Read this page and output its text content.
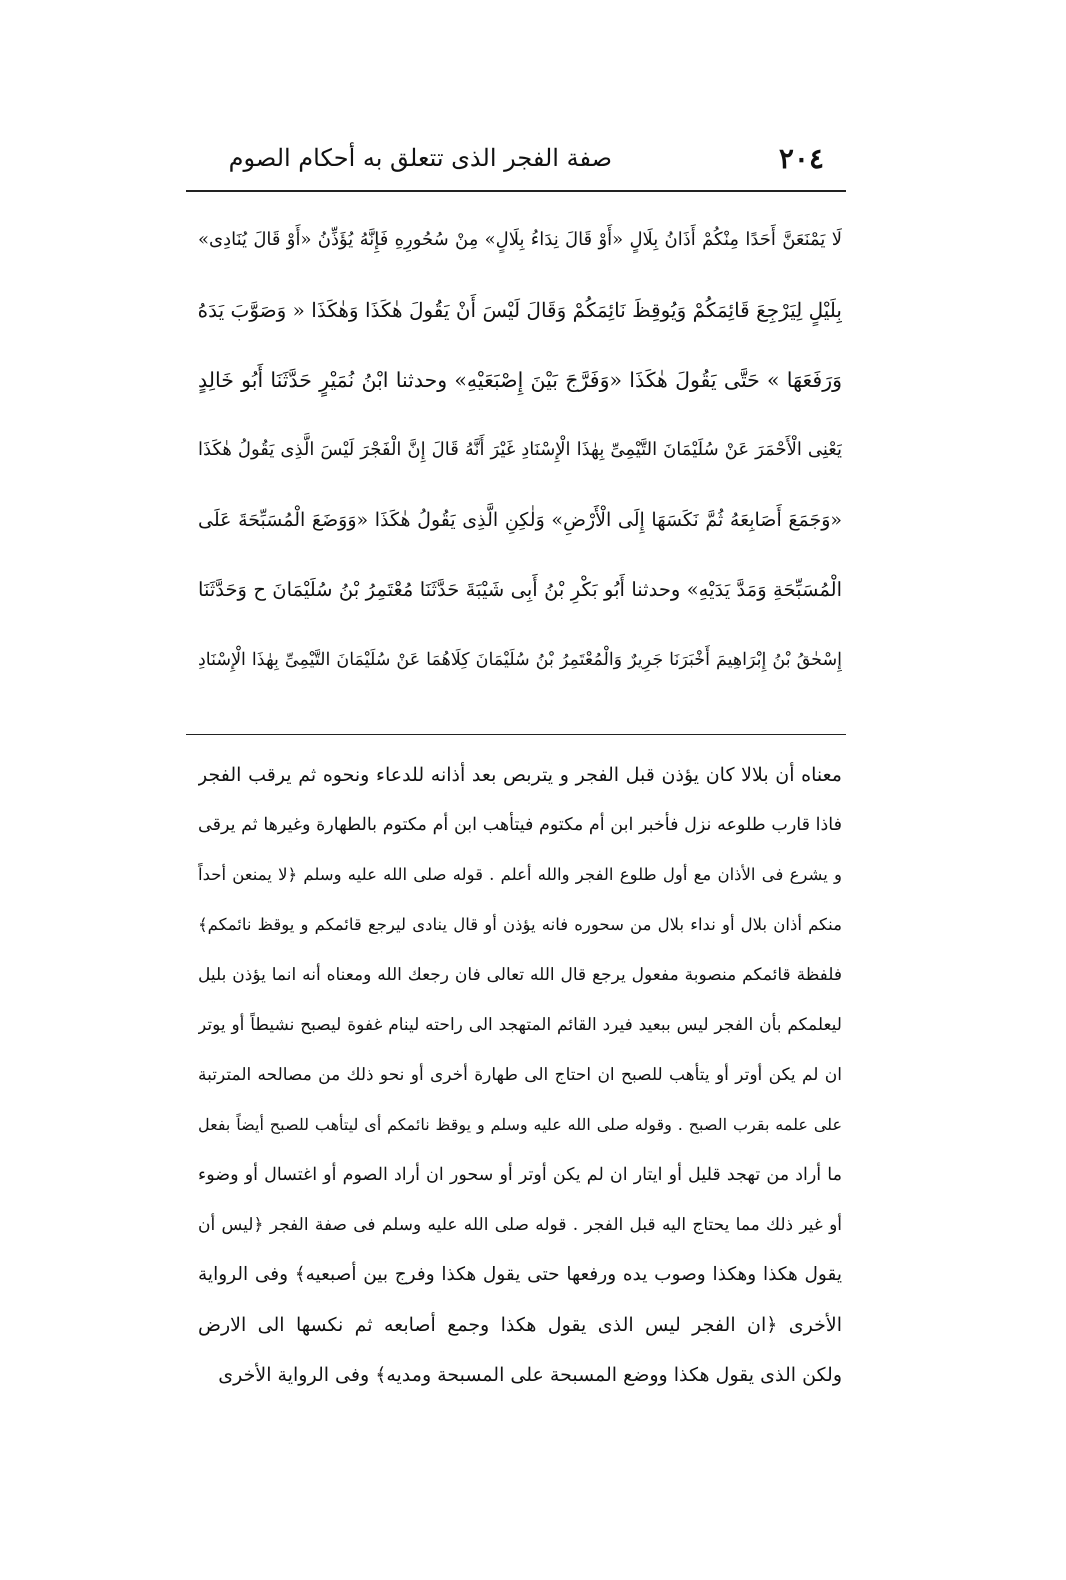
٢٠٤
صفة الفجر الذى تتعلق به أحكام الصوم
لَا يَمْنَعَنَّ أَحَدًا مِنْكُمْ أَذَانُ بِلَالٍ «أَوْ قَالَ نِدَاءُ بِلَالٍ» مِنْ سُحُورِهِ فَإِنَّهُ يُؤَذِّنُ «أَوْ قَالَ يُنَادِى»
بِلَيْلٍ لِيَرْجِعَ قَائِمَكُمْ وَيُوقِظَ نَائِمَكُمْ وَقَالَ لَيْسَ أَنْ يَقُولَ هٰكَذَا وَهٰكَذَا « وَصَوَّبَ يَدَهُ
وَرَفَعَهَا » حَتَّى يَقُولَ هٰكَذَا «وَفَرَّجَ بَيْنَ إِصْبَعَيْهِ» وحدثنا ابْنُ نُمَيْرٍ حَدَّثَنَا أَبُو خَالِدٍ
يَعْنِى الْأَحْمَرَ عَنْ سُلَيْمَانَ التَّيْمِىِّ بِهٰذَا الْإِسْنَادِ غَيْرَ أَنَّهُ قَالَ إِنَّ الْفَجْرَ لَيْسَ الَّذِى يَقُولُ هٰكَذَا
«وَجَمَعَ أَصَابِعَهُ ثُمَّ نَكَسَهَا إِلَى الْأَرْضِ» وَلٰكِنِ الَّذِى يَقُولُ هٰكَذَا «وَوَضَعَ الْمُسَبِّحَةَ عَلَى
الْمُسَبِّحَةِ وَمَدَّ يَدَيْهِ» وحدثنا أَبُو بَكْرِ بْنُ أَبِى شَيْبَةَ حَدَّثَنَا مُعْتَمِرُ بْنُ سُلَيْمَانَ ح وَحَدَّثَنَا
إِسْحٰقُ بْنُ إِبْرَاهِيمَ أَخْبَرَنَا جَرِيرٌ وَالْمُعْتَمِرُ بْنُ سُلَيْمَانَ كِلَاهُمَا عَنْ سُلَيْمَانَ التَّيْمِىِّ بِهٰذَا الْإِسْنَادِ
معناه أن بلالا كان يؤذن قبل الفجر و يتربص بعد أذانه للدعاء ونحوه ثم يرقب الفجر
فاذا قارب طلوعه نزل فأخبر ابن أم مكتوم فيتأهب ابن أم مكتوم بالطهارة وغيرها ثم يرقى
و يشرع فى الأذان مع أول طلوع الفجر والله أعلم . قوله صلى الله عليه وسلم ﴿لا يمنعن أحداً
منكم أذان بلال أو نداء بلال من سحوره فانه يؤذن أو قال ينادى ليرجع قائمكم و يوقظ نائمكم﴾
فلفظة قائمكم منصوبة مفعول يرجع قال الله تعالى فان رجعك الله ومعناه أنه انما يؤذن بليل
ليعلمكم بأن الفجر ليس ببعيد فيرد القائم المتهجد الى راحته لينام غفوة ليصبح نشيطاً أو يوتر
ان لم يكن أوتر أو يتأهب للصبح ان احتاج الى طهارة أخرى أو نحو ذلك من مصالحه المترتبة
على علمه بقرب الصبح . وقوله صلى الله عليه وسلم و يوقظ نائمكم أى ليتأهب للصبح أيضاً بفعل
ما أراد من تهجد قليل أو ايتار ان لم يكن أوتر أو سحور ان أراد الصوم أو اغتسال أو وضوء
أو غير ذلك مما يحتاج اليه قبل الفجر . قوله صلى الله عليه وسلم فى صفة الفجر ﴿ليس أن
يقول هكذا وهكذا وصوب يده ورفعها حتى يقول هكذا وفرج بين أصبعيه﴾ وفى الرواية
الأخرى ﴿ان الفجر ليس الذى يقول هكذا وجمع أصابعه ثم نكسها الى الارض
ولكن الذى يقول هكذا ووضع المسبحة على المسبحة ومديه﴾ وفى الرواية الأخرى
